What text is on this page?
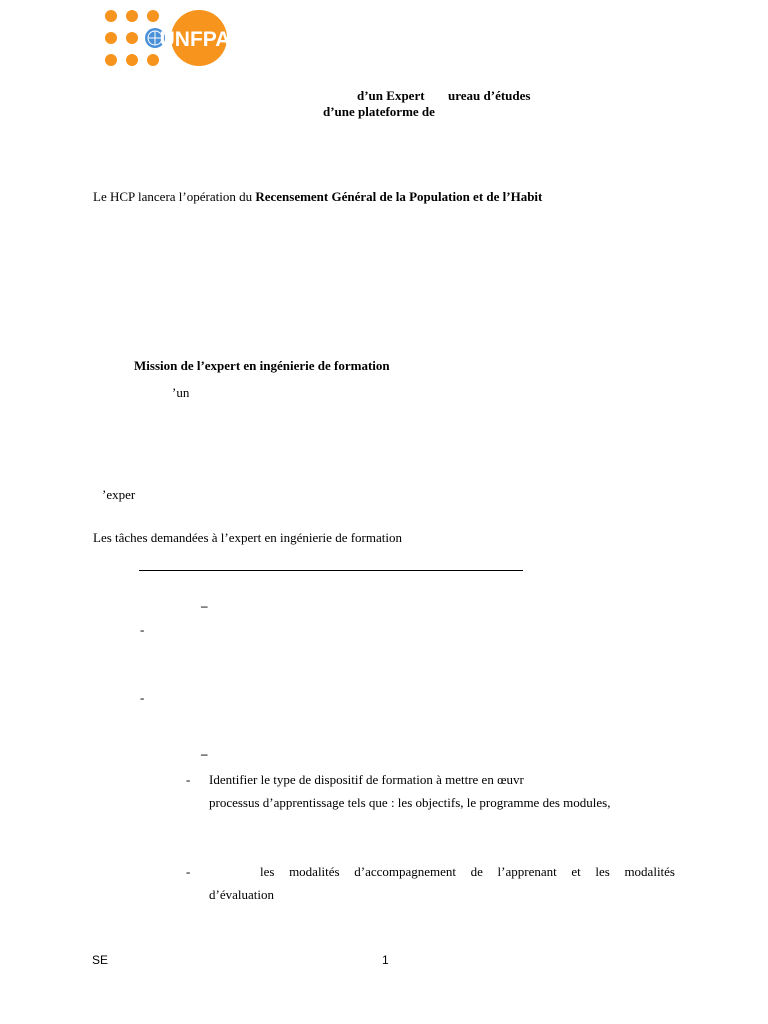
UNFPA
d’un Expert ureau d’études
d’une plateforme de
Le HCP lancera l’opération du Recensement Général de la Population et de l’Habit
Mission de l’expert en ingénierie de formation
’un
’exper
Les tâches demandées à l’expert en ingénierie de formation
–
-
-
–
- Identifier le type de dispositif de formation à mettre en œuvr
processus d’apprentissage tels que : les objectifs, le programme des modules,
-	les modalités d’accompagnement de l’apprenant et les modalités
d’évaluation
SE	1
